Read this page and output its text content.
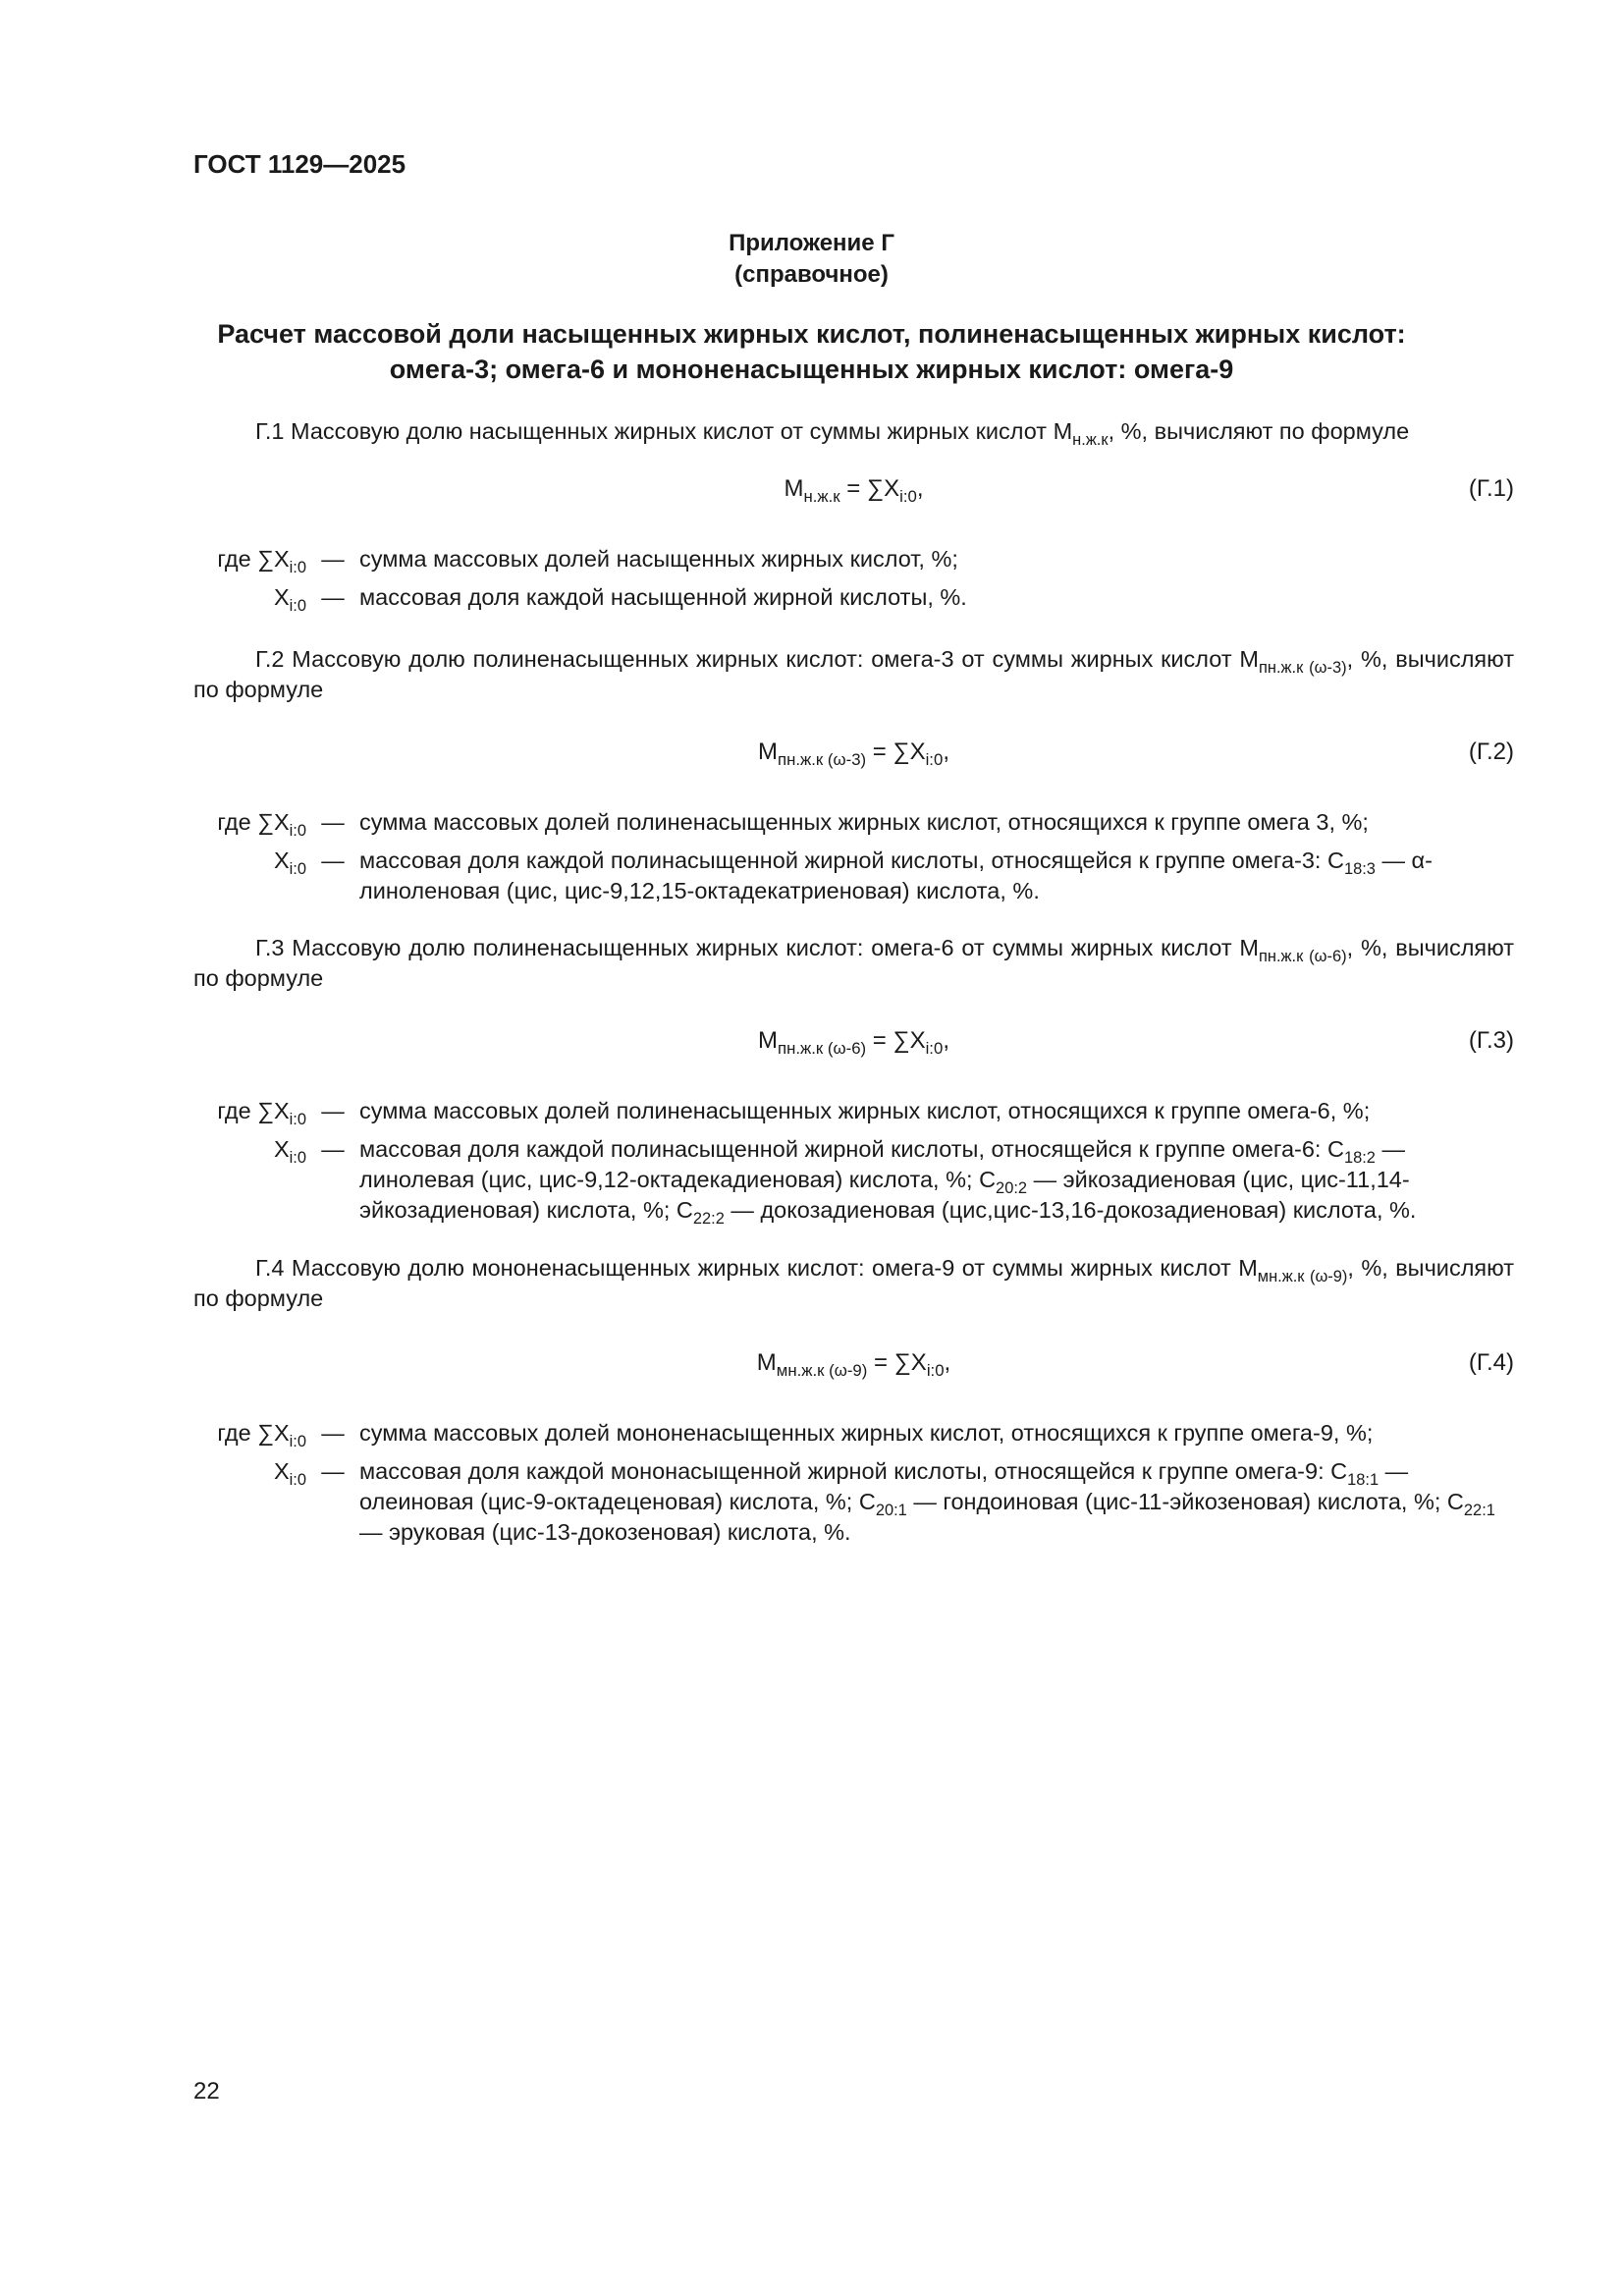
ГОСТ 1129—2025
Приложение Г
(справочное)
Расчет массовой доли насыщенных жирных кислот, полиненасыщенных жирных кислот:
омега-3; омега-6 и мононенасыщенных жирных кислот: омега-9
Г.1 Массовую долю насыщенных жирных кислот от суммы жирных кислот $М_{н.ж.к}$, %, вычисляют по формуле
$М_{н.ж.к} = \sum X_{i:0}$,	(Г.1)
где $\sum X_{i:0}$ — сумма массовых долей насыщенных жирных кислот, %;
$X_{i:0}$ — массовая доля каждой насыщенной жирной кислоты, %.
Г.2 Массовую долю полиненасыщенных жирных кислот: омега-3 от суммы жирных кислот $М_{пн.ж.к (\omega-3)}$, %, вычисляют по формуле
$М_{пн.ж.к (\omega-3)} = \sum X_{i:0}$,	(Г.2)
где $\sum X_{i:0}$ — сумма массовых долей полиненасыщенных жирных кислот, относящихся к группе омега 3, %;
$X_{i:0}$ — массовая доля каждой полинасыщенной жирной кислоты, относящейся к группе омега-3: $C_{18:3}$ — α-линоленовая (цис, цис-9,12,15-октадекатриеновая) кислота, %.
Г.3 Массовую долю полиненасыщенных жирных кислот: омега-6 от суммы жирных кислот $М_{пн.ж.к (\omega-6)}$, %, вычисляют по формуле
$М_{пн.ж.к (\omega-6)} = \sum X_{i:0}$,	(Г.3)
где $\sum X_{i:0}$ — сумма массовых долей полиненасыщенных жирных кислот, относящихся к группе омега-6, %;
$X_{i:0}$ — массовая доля каждой полинасыщенной жирной кислоты, относящейся к группе омега-6: $C_{18:2}$ — линолевая (цис, цис-9,12-октадекадиеновая) кислота, %; $C_{20:2}$ — эйкозадиеновая (цис, цис-11,14-эйкозадиеновая) кислота, %; $C_{22:2}$ — докозадиеновая (цис,цис-13,16-докозадиеновая) кислота, %.
Г.4 Массовую долю мононенасыщенных жирных кислот: омега-9 от суммы жирных кислот $М_{мн.ж.к (\omega-9)}$, %, вычисляют по формуле
$М_{мн.ж.к (\omega-9)} = \sum X_{i:0}$,	(Г.4)
где $\sum X_{i:0}$ — сумма массовых долей мононенасыщенных жирных кислот, относящихся к группе омега-9, %;
$X_{i:0}$ — массовая доля каждой мононасыщенной жирной кислоты, относящейся к группе омега-9: $C_{18:1}$ — олеиновая (цис-9-октадеценовая) кислота, %; $C_{20:1}$ — гондоиновая (цис-11-эйкозеновая) кислота, %; $C_{22:1}$ — эруковая (цис-13-докозеновая) кислота, %.
22
